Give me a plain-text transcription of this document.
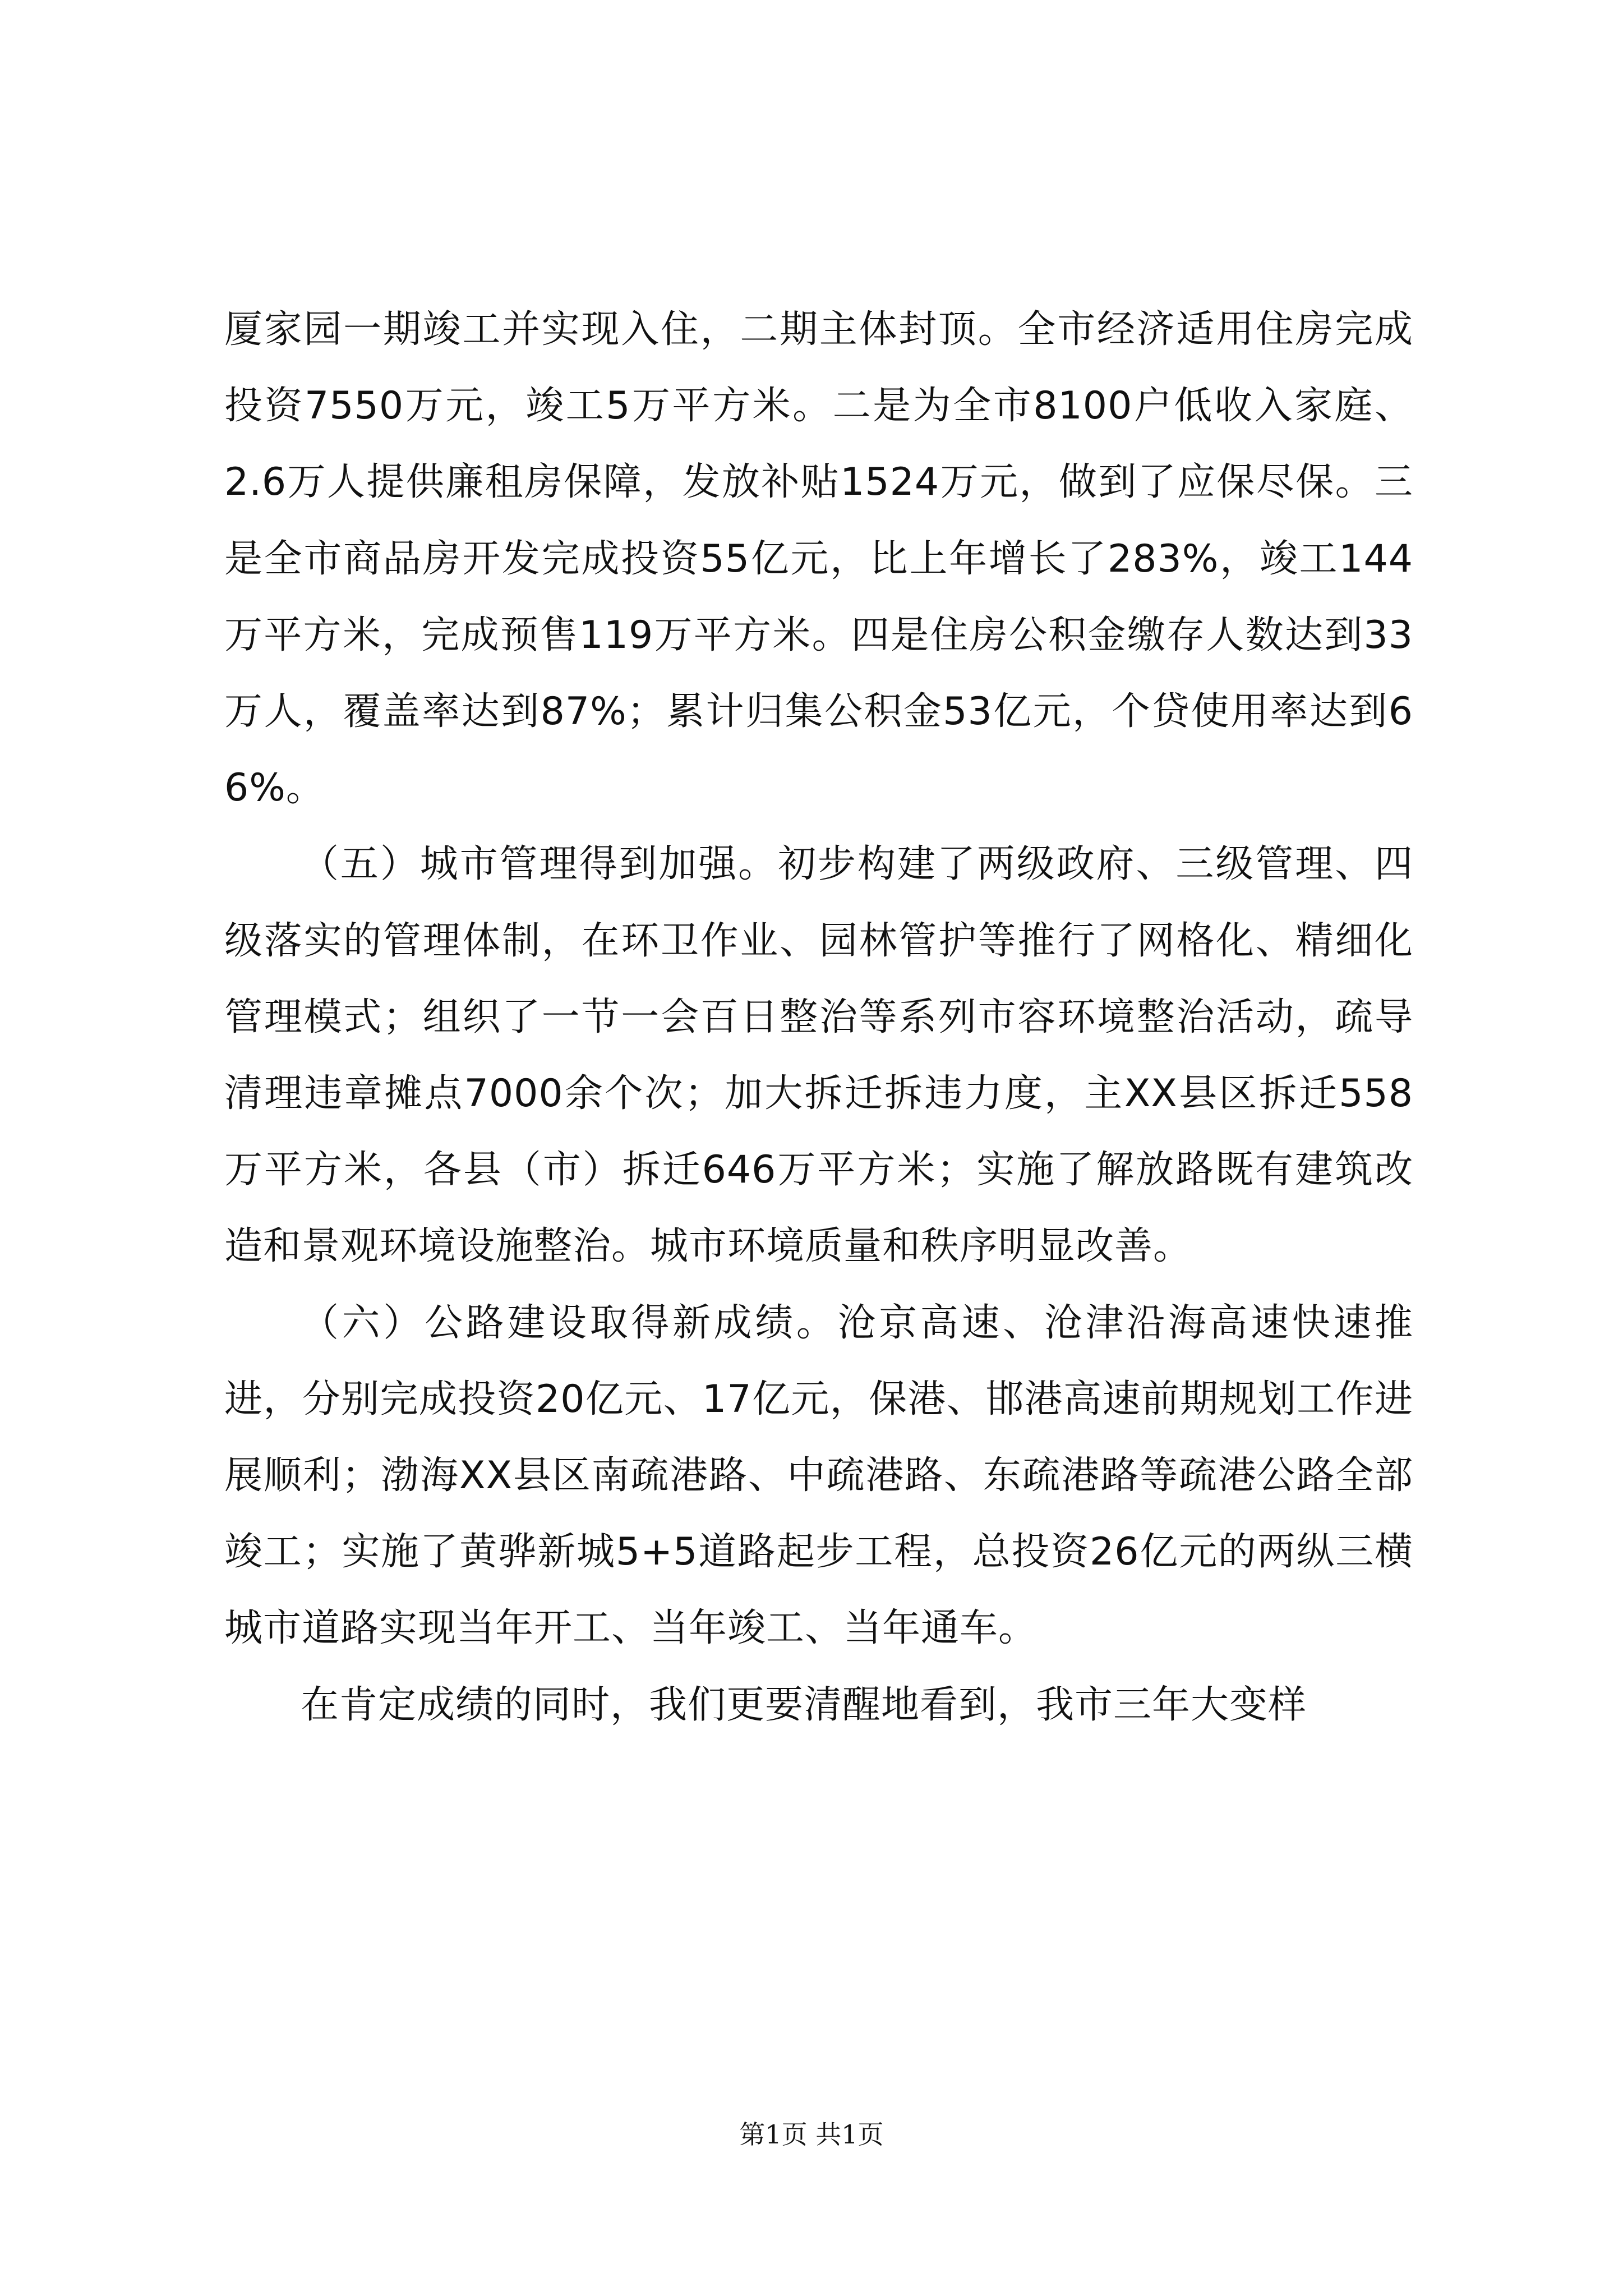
厦家园一期竣工并实现入住，二期主体封顶。全市经济适用住房完成投资7550万元，竣工5万平方米。二是为全市8100户低收入家庭、2.6万人提供廉租房保障，发放补贴1524万元，做到了应保尽保。三是全市商品房开发完成投资55亿元，比上年增长了283%，竣工144万平方米，完成预售119万平方米。四是住房公积金缴存人数达到33万人，覆盖率达到87%；累计归集公积金53亿元，个贷使用率达到66%。

（五）城市管理得到加强。初步构建了两级政府、三级管理、四级落实的管理体制，在环卫作业、园林管护等推行了网格化、精细化管理模式；组织了一节一会百日整治等系列市容环境整治活动，疏导清理违章摊点7000余个次；加大拆迁拆违力度，主XX县区拆迁558万平方米，各县（市）拆迁646万平方米；实施了解放路既有建筑改造和景观环境设施整治。城市环境质量和秩序明显改善。

（六）公路建设取得新成绩。沧京高速、沧津沿海高速快速推进，分别完成投资20亿元、17亿元，保港、邯港高速前期规划工作进展顺利；渤海XX县区南疏港路、中疏港路、东疏港路等疏港公路全部竣工；实施了黄骅新城5+5道路起步工程，总投资26亿元的两纵三横城市道路实现当年开工、当年竣工、当年通车。

在肯定成绩的同时，我们更要清醒地看到，我市三年大变样

第1页 共1页
